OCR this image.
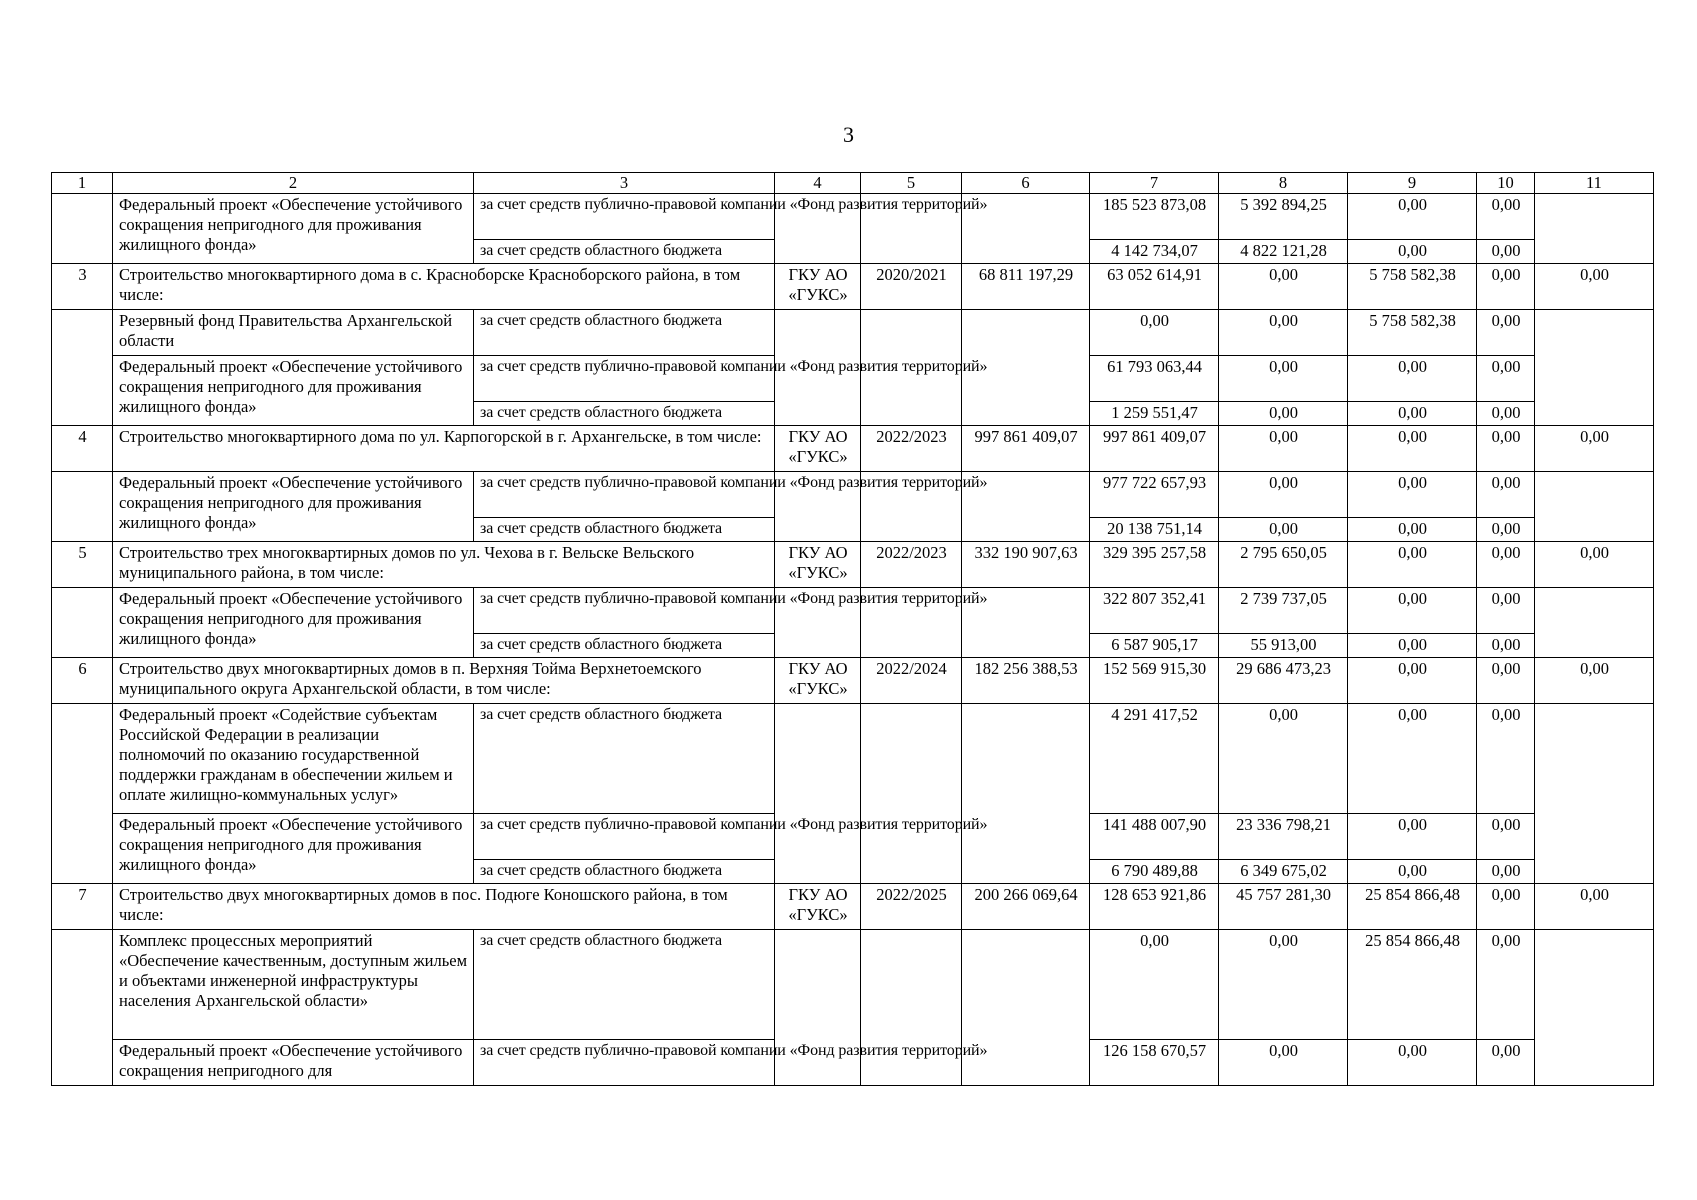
3
1	2	3	4	5	6	7	8	9	10	11
	Федеральный проект «Обеспечение устойчивого сокращения непригодного для проживания жилищного фонда»	за счет средств публично-правовой компании «Фонд развития территорий»				185 523 873,08	5 392 894,25	0,00	0,00	
		за счет средств областного бюджета				4 142 734,07	4 822 121,28	0,00	0,00	
3	Строительство многоквартирного дома в с. Красноборске Красноборского района, в том числе:		ГКУ АО «ГУКС»	2020/2021	68 811 197,29	63 052 614,91	0,00	5 758 582,38	0,00	0,00
	Резервный фонд Правительства Архангельской области	за счет средств областного бюджета				0,00	0,00	5 758 582,38	0,00	
	Федеральный проект «Обеспечение устойчивого сокращения непригодного для проживания жилищного фонда»	за счет средств публично-правовой компании «Фонд развития территорий»				61 793 063,44	0,00	0,00	0,00	
		за счет средств областного бюджета				1 259 551,47	0,00	0,00	0,00	
4	Строительство многоквартирного дома по ул. Карпогорской в г. Архангельске, в том числе:		ГКУ АО «ГУКС»	2022/2023	997 861 409,07	997 861 409,07	0,00	0,00	0,00	0,00
	Федеральный проект «Обеспечение устойчивого сокращения непригодного для проживания жилищного фонда»	за счет средств публично-правовой компании «Фонд развития территорий»				977 722 657,93	0,00	0,00	0,00	
		за счет средств областного бюджета				20 138 751,14	0,00	0,00	0,00	
5	Строительство трех многоквартирных домов по ул. Чехова в г. Вельске Вельского муниципального района, в том числе:		ГКУ АО «ГУКС»	2022/2023	332 190 907,63	329 395 257,58	2 795 650,05	0,00	0,00	0,00
	Федеральный проект «Обеспечение устойчивого сокращения непригодного для проживания жилищного фонда»	за счет средств публично-правовой компании «Фонд развития территорий»				322 807 352,41	2 739 737,05	0,00	0,00	
		за счет средств областного бюджета				6 587 905,17	55 913,00	0,00	0,00	
6	Строительство двух многоквартирных домов в п. Верхняя Тойма Верхнетоемского муниципального округа Архангельской области, в том числе:		ГКУ АО «ГУКС»	2022/2024	182 256 388,53	152 569 915,30	29 686 473,23	0,00	0,00	0,00
	Федеральный проект «Содействие субъектам Российской Федерации в реализации полномочий по оказанию государственной поддержки гражданам в обеспечении жильем и оплате жилищно-коммунальных услуг»	за счет средств областного бюджета				4 291 417,52	0,00	0,00	0,00	
	Федеральный проект «Обеспечение устойчивого сокращения непригодного для проживания жилищного фонда»	за счет средств публично-правовой компании «Фонд развития территорий»				141 488 007,90	23 336 798,21	0,00	0,00	
		за счет средств областного бюджета				6 790 489,88	6 349 675,02	0,00	0,00	
7	Строительство двух многоквартирных домов в пос. Подюге Коношского района, в том числе:		ГКУ АО «ГУКС»	2022/2025	200 266 069,64	128 653 921,86	45 757 281,30	25 854 866,48	0,00	0,00
	Комплекс процессных мероприятий «Обеспечение качественным, доступным жильем и объектами инженерной инфраструктуры населения Архангельской области»	за счет средств областного бюджета				0,00	0,00	25 854 866,48	0,00	
	Федеральный проект «Обеспечение устойчивого сокращения непригодного для	за счет средств публично-правовой компании «Фонд развития территорий»				126 158 670,57	0,00	0,00	0,00	
